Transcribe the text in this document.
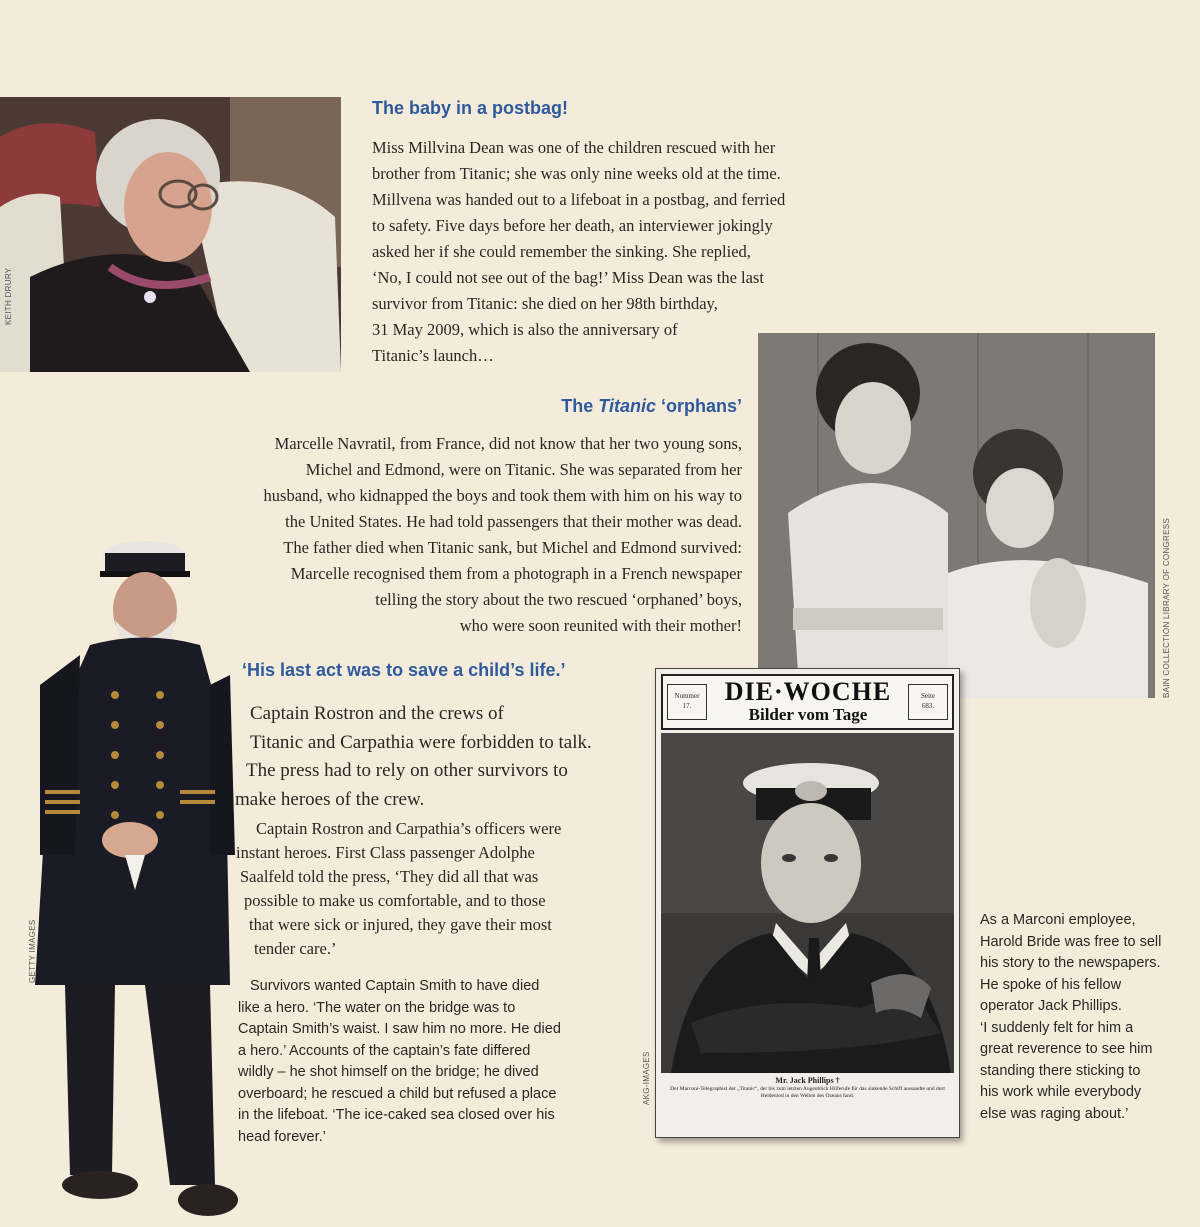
KEITH DRURY
The baby in a postbag!
Miss Millvina Dean was one of the children rescued with her
brother from Titanic; she was only nine weeks old at the time.
Millvena was handed out to a lifeboat in a postbag, and ferried
to safety. Five days before her death, an interviewer jokingly
asked her if she could remember the sinking. She replied,
‘No, I could not see out of the bag!’ Miss Dean was the last
survivor from Titanic: she died on her 98th birthday,
31 May 2009, which is also the anniversary of
Titanic’s launch…
BAIN COLLECTION LIBRARY OF CONGRESS
The Titanic ‘orphans’
Marcelle Navratil, from France, did not know that her two young sons,
Michel and Edmond, were on Titanic. She was separated from her
husband, who kidnapped the boys and took them with him on his way to
the United States. He had told passengers that their mother was dead.
The father died when Titanic sank, but Michel and Edmond survived:
Marcelle recognised them from a photograph in a French newspaper
telling the story about the two rescued ‘orphaned’ boys,
who were soon reunited with their mother!
GETTY IMAGES
‘His last act was to save a child’s life.’
Captain Rostron and the crews of
Titanic and Carpathia were forbidden to talk.
The press had to rely on other survivors to
make heroes of the crew.
Captain Rostron and Carpathia’s officers were
instant heroes. First Class passenger Adolphe
Saalfeld told the press, ‘They did all that was
possible to make us comfortable, and to those
that were sick or injured, they gave their most
tender care.’
Survivors wanted Captain Smith to have died
like a hero. ‘The water on the bridge was to
Captain Smith’s waist. I saw him no more. He died
a hero.’ Accounts of the captain’s fate differed
wildly – he shot himself on the bridge; he dived
overboard; he rescued a child but refused a place
in the lifeboat. ‘The ice-caked sea closed over his
head forever.’
Nummer
17.	DIE·WOCHE
Bilder vom Tage
Seite
683.
Mr. Jack Phillips †
Der Marconi-Telegraphist der „Titanic“, der bis zum letzten Augenblick Hilferufe für das sinkende Schiff aussandte und dort Heldentod in den Wellen des Ozeans fand.
AKG-IMAGES
As a Marconi employee,
Harold Bride was free to sell
his story to the newspapers.
He spoke of his fellow
operator Jack Phillips.
‘I suddenly felt for him a
great reverence to see him
standing there sticking to
his work while everybody
else was raging about.’
